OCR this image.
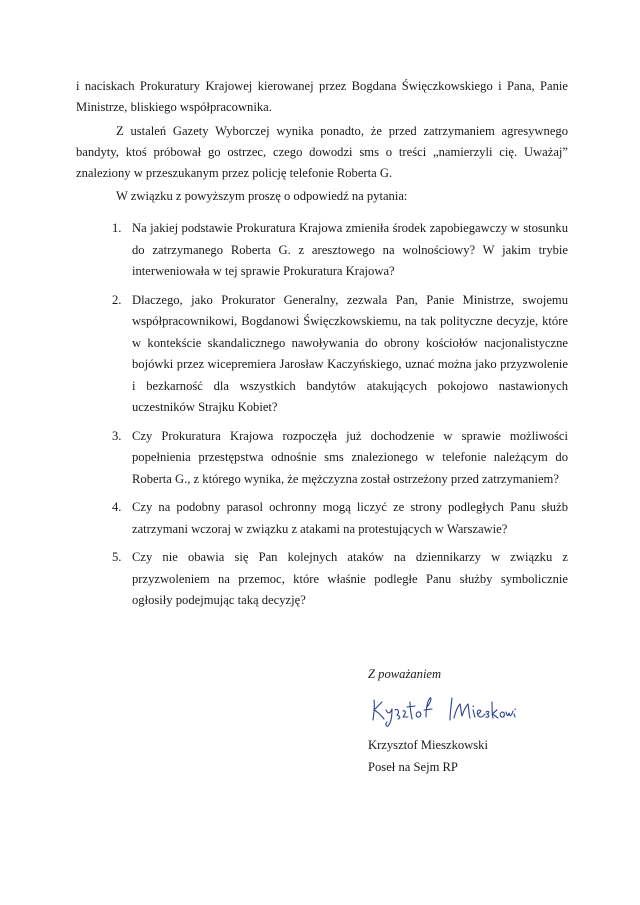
i naciskach Prokuratury Krajowej kierowanej przez Bogdana Święczkowskiego i Pana, Panie Ministrze, bliskiego współpracownika.

Z ustaleń Gazety Wyborczej wynika ponadto, że przed zatrzymaniem agresywnego bandyty, ktoś próbował go ostrzec, czego dowodzi sms o treści „namierzyli cię. Uważaj” znaleziony w przeszukanym przez policję telefonie Roberta G.

W związku z powyższym proszę o odpowiedź na pytania:

1. Na jakiej podstawie Prokuratura Krajowa zmieniła środek zapobiegawczy w stosunku do zatrzymanego Roberta G. z aresztowego na wolnościowy? W jakim trybie interweniowała w tej sprawie Prokuratura Krajowa?
2. Dlaczego, jako Prokurator Generalny, zezwala Pan, Panie Ministrze, swojemu współpracownikowi, Bogdanowi Święczkowskiemu, na tak polityczne decyzje, które w kontekście skandalicznego nawoływania do obrony kościołów nacjonalistyczne bojówki przez wicepremiera Jarosław Kaczyńskiego, uznać można jako przyzwolenie i bezkarność dla wszystkich bandytów atakujących pokojowo nastawionych uczestników Strajku Kobiet?
3. Czy Prokuratura Krajowa rozpoczęła już dochodzenie w sprawie możliwości popełnienia przestępstwa odnośnie sms znalezionego w telefonie należącym do Roberta G., z którego wynika, że mężczyzna został ostrzeżony przed zatrzymaniem?
4. Czy na podobny parasol ochronny mogą liczyć ze strony podległych Panu służb zatrzymani wczoraj w związku z atakami na protestujących w Warszawie?
5. Czy nie obawia się Pan kolejnych ataków na dziennikarzy w związku z przyzwoleniem na przemoc, które właśnie podległe Panu służby symbolicznie ogłosiły podejmując taką decyzję?

Z poważaniem

Krzysztof Mieszkowski
Poseł na Sejm RP
